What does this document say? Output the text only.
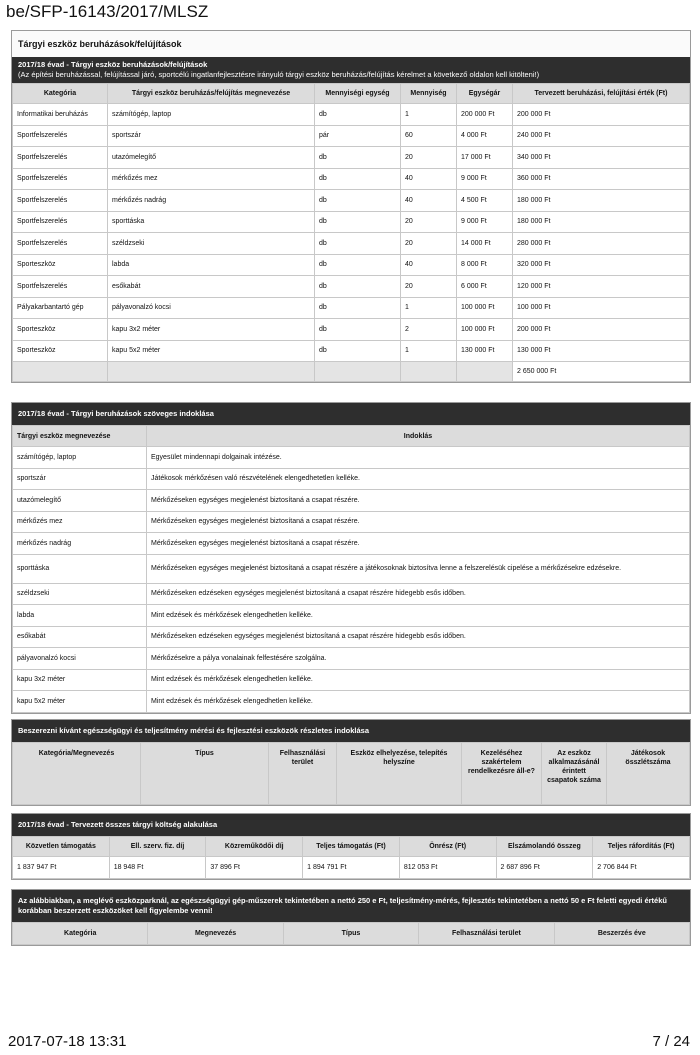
be/SFP-16143/2017/MLSZ
Tárgyi eszköz beruházások/felújítások
2017/18 évad - Tárgyi eszköz beruházások/felújítások
(Az építési beruházással, felújítással járó, sportcélú ingatlanfejlesztésre irányuló tárgyi eszköz beruházás/felújítás kérelmet a következő oldalon kell kitölteni!)
Kategória	Tárgyi eszköz beruházás/felújítás megnevezése	Mennyiségi egység	Mennyiség	Egységár	Tervezett beruházási, felújítási érték (Ft)
Informatikai beruházás	számítógép, laptop	db	1	200 000 Ft	200 000 Ft
Sportfelszerelés	sportszár	pár	60	4 000 Ft	240 000 Ft
Sportfelszerelés	utazómelegítő	db	20	17 000 Ft	340 000 Ft
Sportfelszerelés	mérkőzés mez	db	40	9 000 Ft	360 000 Ft
Sportfelszerelés	mérkőzés nadrág	db	40	4 500 Ft	180 000 Ft
Sportfelszerelés	sporttáska	db	20	9 000 Ft	180 000 Ft
Sportfelszerelés	széldzseki	db	20	14 000 Ft	280 000 Ft
Sporteszköz	labda	db	40	8 000 Ft	320 000 Ft
Sportfelszerelés	esőkabát	db	20	6 000 Ft	120 000 Ft
Pályakarbantartó gép	pályavonalzó kocsi	db	1	100 000 Ft	100 000 Ft
Sporteszköz	kapu 3x2 méter	db	2	100 000 Ft	200 000 Ft
Sporteszköz	kapu 5x2 méter	db	1	130 000 Ft	130 000 Ft
					2 650 000 Ft
2017/18 évad - Tárgyi beruházások szöveges indoklása
Tárgyi eszköz megnevezése	Indoklás
számítógép, laptop	Egyesület mindennapi dolgainak intézése.
sportszár	Játékosok mérkőzésen való részvételének elengedhetetlen kelléke.
utazómelegítő	Mérkőzéseken egységes megjelenést biztosítaná a csapat részére.
mérkőzés mez	Mérkőzéseken egységes megjelenést biztosítaná a csapat részére.
mérkőzés nadrág	Mérkőzéseken egységes megjelenést biztosítaná a csapat részére.
sporttáska	Mérkőzéseken egységes megjelenést biztosítaná a csapat részére a játékosoknak biztosítva lenne a felszerelésük cipelése a mérkőzésekre edzésekre.
széldzseki	Mérkőzéseken edzéseken egységes megjelenést biztosítaná a csapat részére hidegebb esős időben.
labda	Mint edzések és mérkőzések elengedhetlen kelléke.
esőkabát	Mérkőzéseken edzéseken egységes megjelenést biztosítaná a csapat részére hidegebb esős időben.
pályavonalzó kocsi	Mérkőzésekre a pálya vonalainak felfestésére szolgálna.
kapu 3x2 méter	Mint edzések és mérkőzések elengedhetlen kelléke.
kapu 5x2 méter	Mint edzések és mérkőzések elengedhetlen kelléke.
Beszerezni kívánt egészségügyi és teljesítmény mérési és fejlesztési eszközök részletes indoklása
Kategória/Megnevezés	Típus	Felhasználási terület	Eszköz elhelyezése, telepítés helyszíne	Kezeléséhez szakértelem rendelkezésre áll-e?	Az eszköz alkalmazásánál érintett csapatok száma	Játékosok összlétszáma
2017/18 évad - Tervezett összes tárgyi költség alakulása
Közvetlen támogatás	Ell. szerv. fiz. díj	Közreműködői díj	Teljes támogatás (Ft)	Önrész (Ft)	Elszámolandó összeg	Teljes ráfordítás (Ft)
1 837 947 Ft	18 948 Ft	37 896 Ft	1 894 791 Ft	812 053 Ft	2 687 896 Ft	2 706 844 Ft
Az alábbiakban, a meglévő eszközparknál, az egészségügyi gép-műszerek tekintetében a nettó 250 e Ft, teljesítmény-mérés, fejlesztés tekintetében a nettó 50 e Ft feletti egyedi értékű korábban beszerzett eszközöket kell figyelembe venni!
Kategória	Megnevezés	Típus	Felhasználási terület	Beszerzés éve
2017-07-18 13:31	7 / 24
